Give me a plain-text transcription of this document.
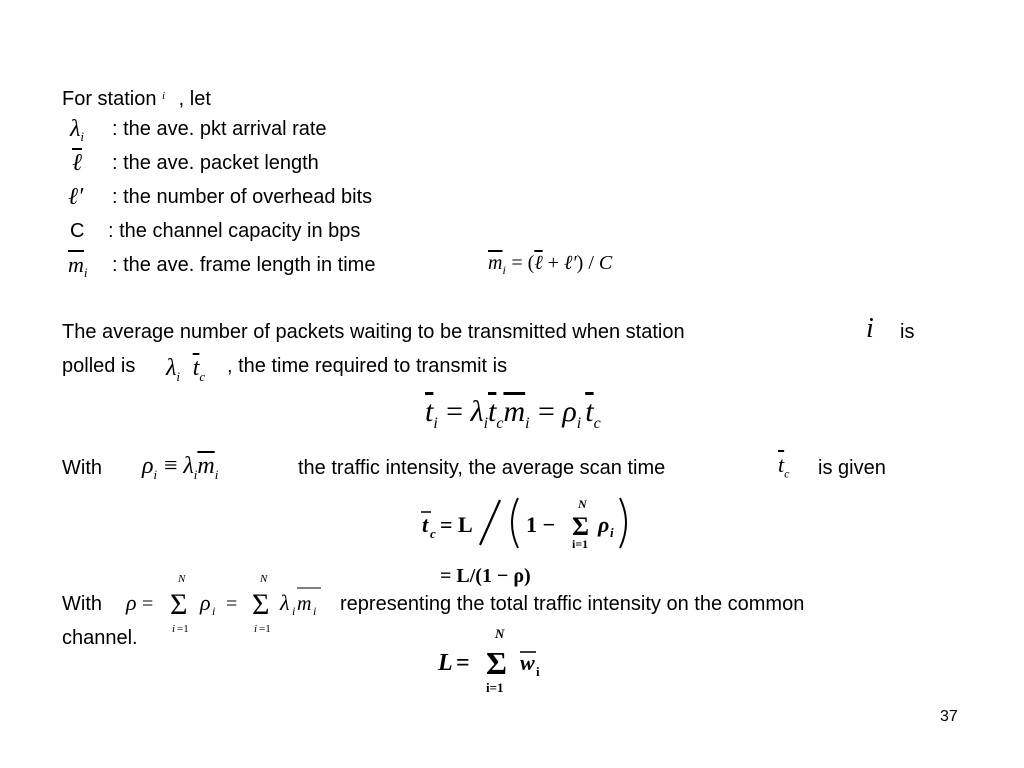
For station $^i$ , let
$\lambda_i$ : the ave. pkt arrival rate
ℓ : the ave. packet length
ℓ′ : the number of overhead bits
C : the channel capacity in bps
$\overline{m}_i$ : the ave. frame length in time	$\overline{m}_i$ = (ℓ + ℓ′) / C
The average number of packets waiting to be transmitted when station	i is
polled is $\lambda_i$ $\overline{t}_c$ , the time required to transmit is
$\overline{t}_i = \lambda_i\overline{t}_c\overline{m}_i = \rho_i$ $\overline{t}_c$
With $\rho_i \equiv \lambda_i\overline{m}_i$	the traffic intensity, the average scan time	$\overline{t}_c$ is given
t c = L 1 − Σ
N
i=1
ρ i
= L/(1 − ρ)
With ρ = Σ
N
i =1
ρ i = Σ
N
i =1
λ i m i representing the total traffic intensity on the common
channel.
L = Σ
N
i=1
w i
37
